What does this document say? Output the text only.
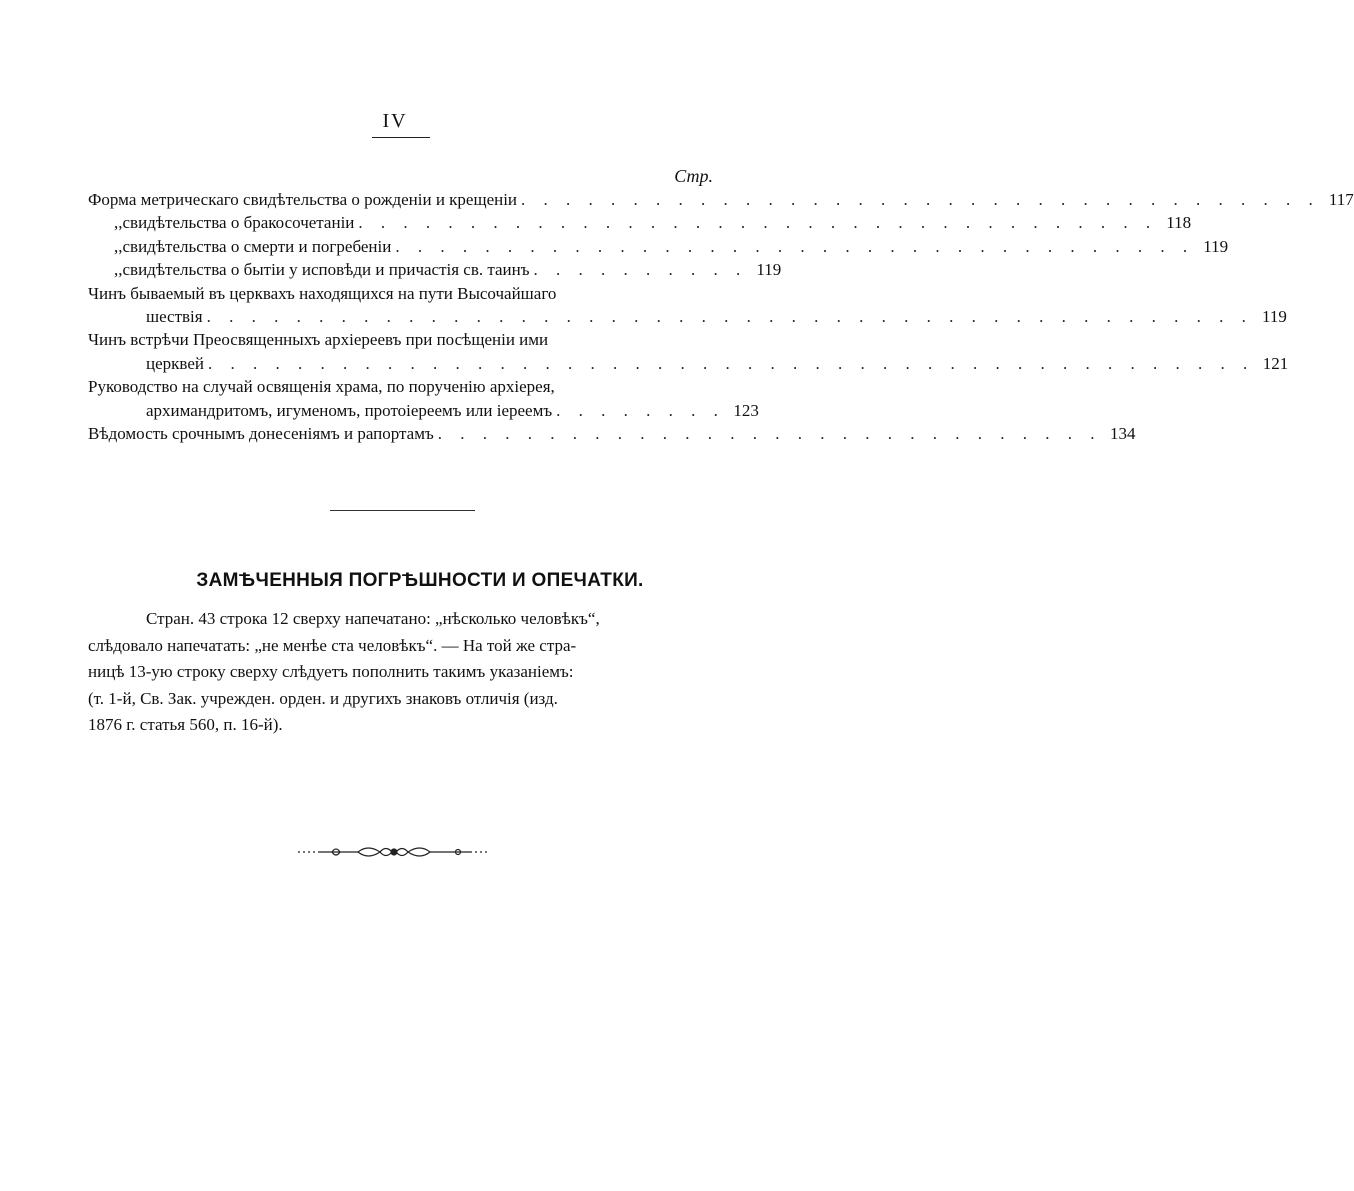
IV
Стр.
Форма метрическаго свидѣтельства о рожденіи и крещеніи . . . . . . . . . . . . . . . . . . . . . . . . . . . . . . . . . . . . 117
,, свидѣтельства о бракосочетаніи . . . . . . . . . . . . . . . . . . . . . . . . . . . . . . . . . . . . 118
,, свидѣтельства о смерти и погребеніи . . . . . . . . . . . . . . . . . . . . . . . . . . . . . . . . . . . . 119
,, свидѣтельства о бытіи у исповѣди и причастія св. таинъ . . . . . . . . . . 119
Чинъ бываемый въ церквахъ находящихся на пути Высочайшаго
шествія . . . . . . . . . . . . . . . . . . . . . . . . . . . . . . . . . . . . . . . . . . . . . . . 119
Чинъ встрѣчи Преосвященныхъ архіереевъ при посѣщеніи ими
церквей . . . . . . . . . . . . . . . . . . . . . . . . . . . . . . . . . . . . . . . . . . . . . . . 121
Руководство на случай освященія храма, по порученію архіерея,
архимандритомъ, игуменомъ, протоіереемъ или іереемъ . . . . . . . . 123
Вѣдомость срочнымъ донесеніямъ и рапортамъ . . . . . . . . . . . . . . . . . . . . . . . . . . . . . . 134
ЗАМѢЧЕННЫЯ ПОГРѢШНОСТИ И ОПЕЧАТКИ.
Стран. 43 строка 12 сверху напечатано: „нѣсколько человѣкъ“,
слѣдовало напечатать: „не менѣе ста человѣкъ“. — На той же стра-
ницѣ 13-ую строку сверху слѣдуетъ пополнить такимъ указаніемъ:
(т. 1-й, Св. Зак. учрежден. орден. и другихъ знаковъ отличія (изд.
1876 г. статья 560, п. 16-й).
